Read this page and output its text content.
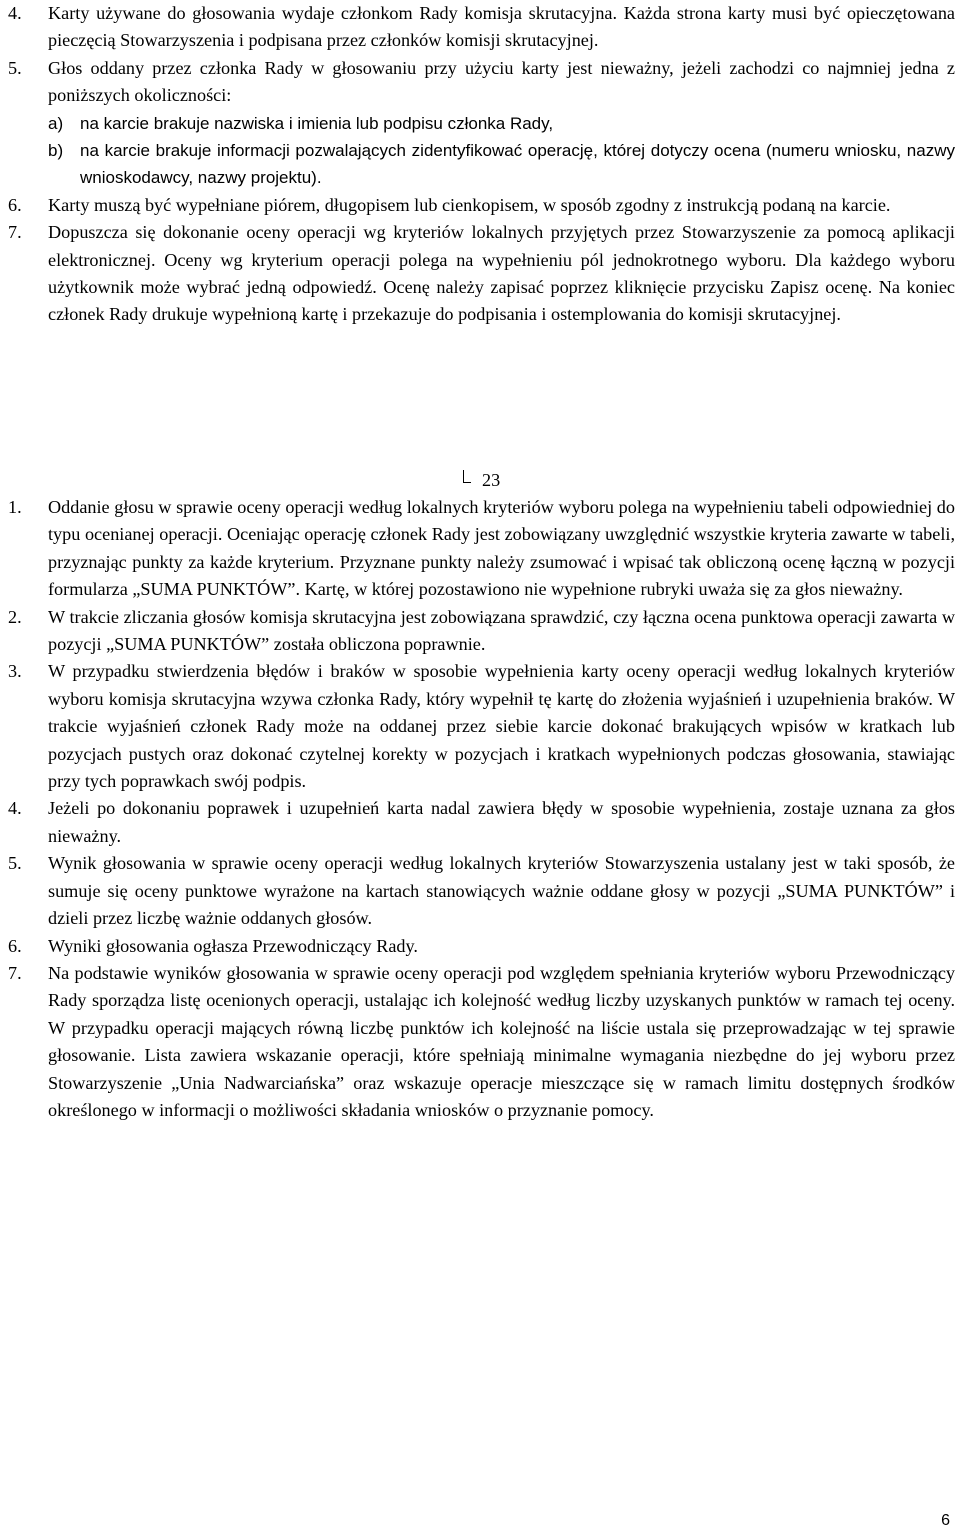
4.	Karty używane do głosowania wydaje członkom Rady komisja skrutacyjna. Każda strona karty musi być opieczętowana pieczęcią Stowarzyszenia i podpisana przez członków komisji skrutacyjnej.
5.	Głos oddany przez członka Rady w głosowaniu przy użyciu karty jest nieważny, jeżeli zachodzi co najmniej jedna z poniższych okoliczności:
a) na karcie brakuje nazwiska i imienia lub podpisu członka Rady,
b) na karcie brakuje informacji pozwalających zidentyfikować operację, której dotyczy ocena (numeru wniosku, nazwy wnioskodawcy, nazwy projektu).
6.	Karty muszą być wypełniane piórem, długopisem lub cienkopisem, w sposób zgodny z instrukcją podaną na karcie.
7.	Dopuszcza się dokonanie oceny operacji wg kryteriów lokalnych przyjętych przez Stowarzyszenie za pomocą aplikacji elektronicznej. Oceny wg kryterium operacji polega na wypełnieniu pól jednokrotnego wyboru. Dla każdego wyboru użytkownik może wybrać jedną odpowiedź. Ocenę należy zapisać poprzez kliknięcie przycisku Zapisz ocenę. Na koniec członek Rady drukuje wypełnioną kartę i przekazuje do podpisania i ostemplowania do komisji skrutacyjnej.
23
1.	Oddanie głosu w sprawie oceny operacji według lokalnych kryteriów wyboru polega na wypełnieniu tabeli odpowiedniej do typu ocenianej operacji. Oceniając operację członek Rady jest zobowiązany uwzględnić wszystkie kryteria zawarte w tabeli, przyznając punkty za każde kryterium. Przyznane punkty należy zsumować i wpisać tak obliczoną ocenę łączną w pozycji formularza „SUMA PUNKTÓW”. Kartę, w której pozostawiono nie wypełnione rubryki uważa się za głos nieważny.
2.	W trakcie zliczania głosów komisja skrutacyjna jest zobowiązana sprawdzić, czy łączna ocena punktowa operacji zawarta w pozycji „SUMA PUNKTÓW” została obliczona poprawnie.
3.	W przypadku stwierdzenia błędów i braków w sposobie wypełnienia karty oceny operacji według lokalnych kryteriów wyboru komisja skrutacyjna wzywa członka Rady, który wypełnił tę kartę do złożenia wyjaśnień i uzupełnienia braków. W trakcie wyjaśnień członek Rady może na oddanej przez siebie karcie dokonać brakujących wpisów w kratkach lub pozycjach pustych oraz dokonać czytelnej korekty w pozycjach i kratkach wypełnionych podczas głosowania, stawiając przy tych poprawkach swój podpis.
4.	Jeżeli po dokonaniu poprawek i uzupełnień karta nadal zawiera błędy w sposobie wypełnienia, zostaje uznana za głos nieważny.
5.	Wynik głosowania w sprawie oceny operacji według lokalnych kryteriów Stowarzyszenia ustalany jest w taki sposób, że sumuje się oceny punktowe wyrażone na kartach stanowiących ważnie oddane głosy w pozycji „SUMA PUNKTÓW” i dzieli przez liczbę ważnie oddanych głosów.
6.	Wyniki głosowania ogłasza Przewodniczący Rady.
7.	Na podstawie wyników głosowania w sprawie oceny operacji pod względem spełniania kryteriów wyboru Przewodniczący Rady sporządza listę ocenionych operacji, ustalając ich kolejność według liczby uzyskanych punktów w ramach tej oceny. W przypadku operacji mających równą liczbę punktów ich kolejność na liście ustala się przeprowadzając w tej sprawie głosowanie. Lista zawiera wskazanie operacji, które spełniają minimalne wymagania niezbędne do jej wyboru przez Stowarzyszenie „Unia Nadwarciańska” oraz wskazuje operacje mieszczące się w ramach limitu dostępnych środków określonego w informacji o możliwości składania wniosków o przyznanie pomocy.
6
